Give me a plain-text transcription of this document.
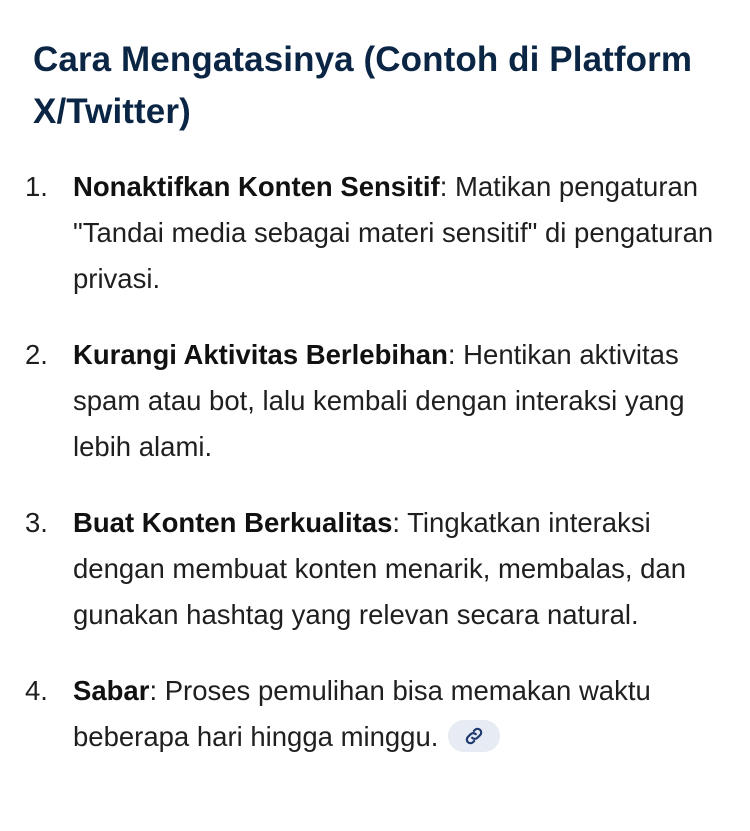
Cara Mengatasinya (Contoh di Platform X/Twitter)
1. Nonaktifkan Konten Sensitif: Matikan pengaturan "Tandai media sebagai materi sensitif" di pengaturan privasi.
2. Kurangi Aktivitas Berlebihan: Hentikan aktivitas spam atau bot, lalu kembali dengan interaksi yang lebih alami.
3. Buat Konten Berkualitas: Tingkatkan interaksi dengan membuat konten menarik, membalas, dan gunakan hashtag yang relevan secara natural.
4. Sabar: Proses pemulihan bisa memakan waktu beberapa hari hingga minggu.
